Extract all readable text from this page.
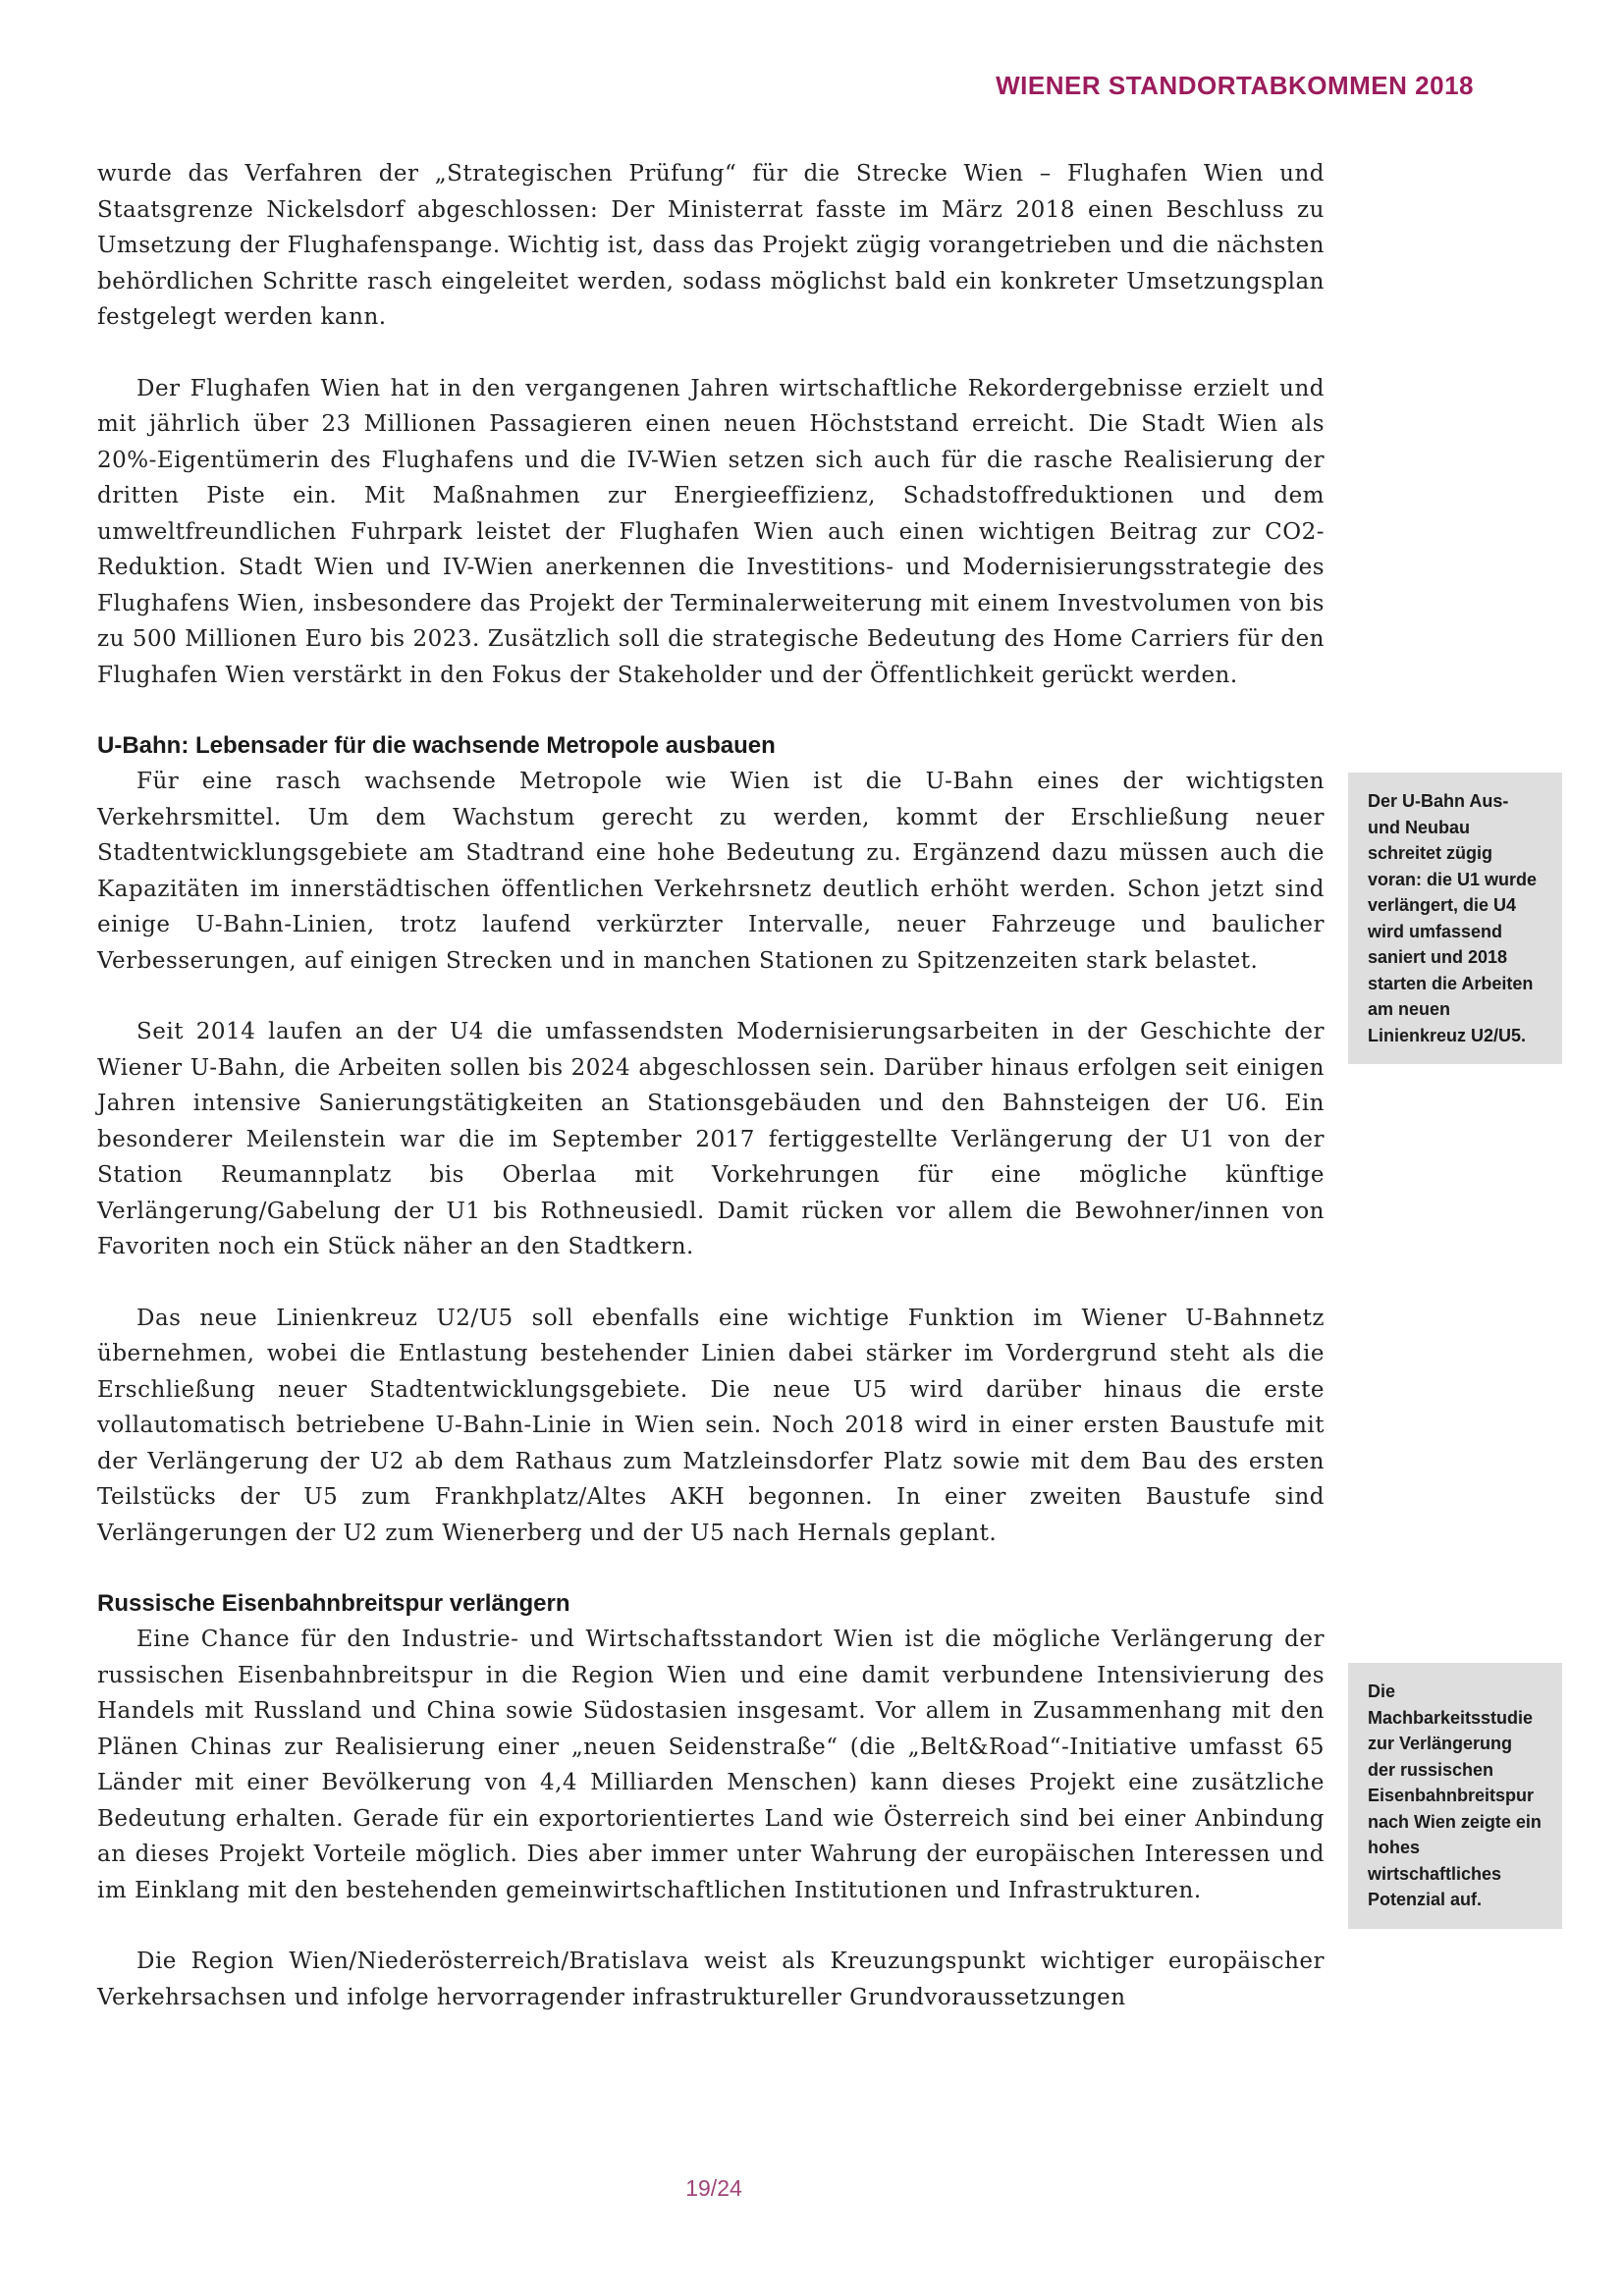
WIENER STANDORTABKOMMEN 2018

wurde das Verfahren der „Strategischen Prüfung“ für die Strecke Wien – Flughafen Wien und Staatsgrenze Nickelsdorf abgeschlossen: Der Ministerrat fasste im März 2018 einen Beschluss zu Umsetzung der Flughafenspange. Wichtig ist, dass das Projekt zügig vorangetrieben und die nächsten behördlichen Schritte rasch eingeleitet werden, sodass möglichst bald ein konkreter Umsetzungsplan festgelegt werden kann.

Der Flughafen Wien hat in den vergangenen Jahren wirtschaftliche Rekordergebnisse erzielt und mit jährlich über 23 Millionen Passagieren einen neuen Höchststand erreicht. Die Stadt Wien als 20%-Eigentümerin des Flughafens und die IV-Wien setzen sich auch für die rasche Realisierung der dritten Piste ein. Mit Maßnahmen zur Energieeffizienz, Schadstoffreduktionen und dem umweltfreundlichen Fuhrpark leistet der Flughafen Wien auch einen wichtigen Beitrag zur CO2-Reduktion. Stadt Wien und IV-Wien anerkennen die Investitions- und Modernisierungsstrategie des Flughafens Wien, insbesondere das Projekt der Terminalerweiterung mit einem Investvolumen von bis zu 500 Millionen Euro bis 2023. Zusätzlich soll die strategische Bedeutung des Home Carriers für den Flughafen Wien verstärkt in den Fokus der Stakeholder und der Öffentlichkeit gerückt werden.

U-Bahn: Lebensader für die wachsende Metropole ausbauen

Für eine rasch wachsende Metropole wie Wien ist die U-Bahn eines der wichtigsten Verkehrsmittel. Um dem Wachstum gerecht zu werden, kommt der Erschließung neuer Stadtentwicklungsgebiete am Stadtrand eine hohe Bedeutung zu. Ergänzend dazu müssen auch die Kapazitäten im innerstädtischen öffentlichen Verkehrsnetz deutlich erhöht werden. Schon jetzt sind einige U-Bahn-Linien, trotz laufend verkürzter Intervalle, neuer Fahrzeuge und baulicher Verbesserungen, auf einigen Strecken und in manchen Stationen zu Spitzenzeiten stark belastet.

Seit 2014 laufen an der U4 die umfassendsten Modernisierungsarbeiten in der Geschichte der Wiener U-Bahn, die Arbeiten sollen bis 2024 abgeschlossen sein. Darüber hinaus erfolgen seit einigen Jahren intensive Sanierungstätigkeiten an Stationsgebäuden und den Bahnsteigen der U6. Ein besonderer Meilenstein war die im September 2017 fertiggestellte Verlängerung der U1 von der Station Reumannplatz bis Oberlaa mit Vorkehrungen für eine mögliche künftige Verlängerung/Gabelung der U1 bis Rothneusiedl. Damit rücken vor allem die Bewohner/innen von Favoriten noch ein Stück näher an den Stadtkern.

Das neue Linienkreuz U2/U5 soll ebenfalls eine wichtige Funktion im Wiener U-Bahnnetz übernehmen, wobei die Entlastung bestehender Linien dabei stärker im Vordergrund steht als die Erschließung neuer Stadtentwicklungsgebiete. Die neue U5 wird darüber hinaus die erste vollautomatisch betriebene U-Bahn-Linie in Wien sein. Noch 2018 wird in einer ersten Baustufe mit der Verlängerung der U2 ab dem Rathaus zum Matzleinsdorfer Platz sowie mit dem Bau des ersten Teilstücks der U5 zum Frankhplatz/Altes AKH begonnen. In einer zweiten Baustufe sind Verlängerungen der U2 zum Wienerberg und der U5 nach Hernals geplant.

Russische Eisenbahnbreitspur verlängern

Eine Chance für den Industrie- und Wirtschaftsstandort Wien ist die mögliche Verlängerung der russischen Eisenbahnbreitspur in die Region Wien und eine damit verbundene Intensivierung des Handels mit Russland und China sowie Südostasien insgesamt. Vor allem in Zusammenhang mit den Plänen Chinas zur Realisierung einer „neuen Seidenstraße“ (die „Belt&Road“-Initiative umfasst 65 Länder mit einer Bevölkerung von 4,4 Milliarden Menschen) kann dieses Projekt eine zusätzliche Bedeutung erhalten. Gerade für ein exportorientiertes Land wie Österreich sind bei einer Anbindung an dieses Projekt Vorteile möglich. Dies aber immer unter Wahrung der europäischen Interessen und im Einklang mit den bestehenden gemeinwirtschaftlichen Institutionen und Infrastrukturen.

Die Region Wien/Niederösterreich/Bratislava weist als Kreuzungspunkt wichtiger europäischer Verkehrsachsen und infolge hervorragender infrastruktureller Grundvoraussetzungen

Der U-Bahn Aus- und Neubau schreitet zügig voran: die U1 wurde verlängert, die U4 wird umfassend saniert und 2018 starten die Arbeiten am neuen Linienkreuz U2/U5.
Die Machbarkeitsstudie zur Verlängerung der russischen Eisenbahnbreitspur nach Wien zeigte ein hohes wirtschaftliches Potenzial auf.
19/24
